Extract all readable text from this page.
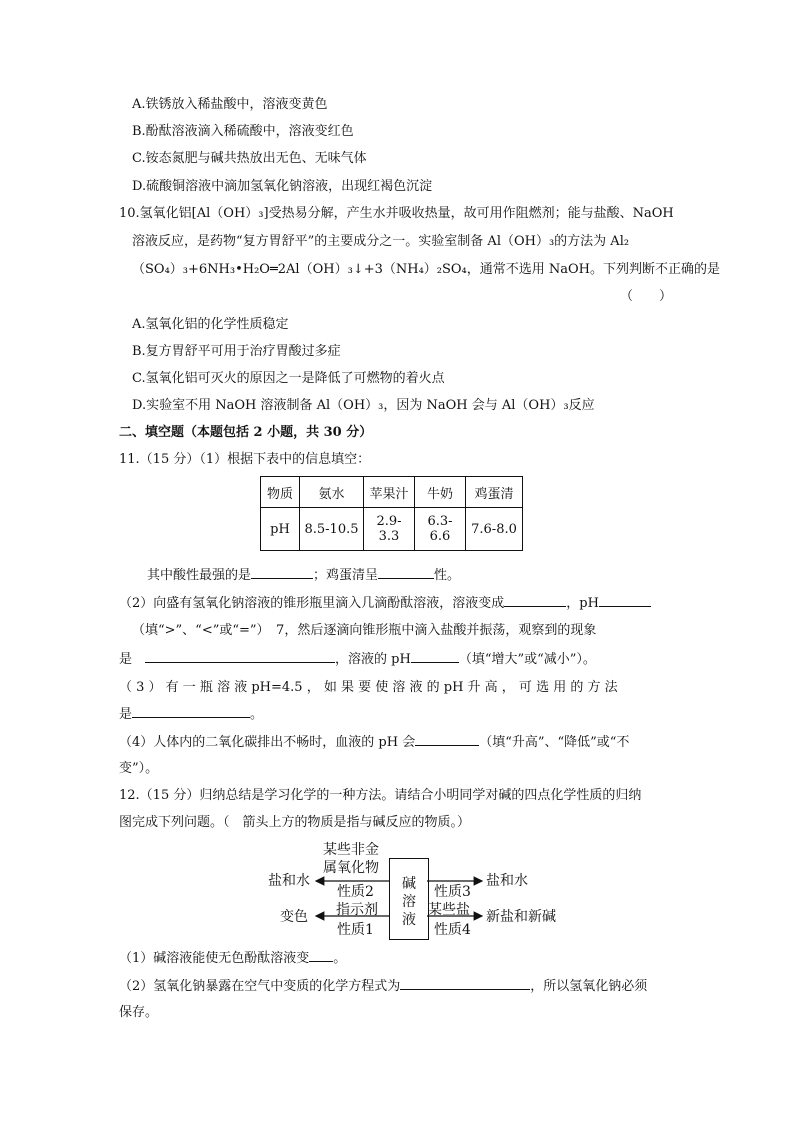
A.铁锈放入稀盐酸中，溶液变黄色
B.酚酞溶液滴入稀硫酸中，溶液变红色
C.铵态氮肥与碱共热放出无色、无味气体
D.硫酸铜溶液中滴加氢氧化钠溶液，出现红褐色沉淀
10.氢氧化铝[Al（OH）₃]受热易分解，产生水并吸收热量，故可用作阻燃剂；能与盐酸、NaOH
溶液反应，是药物“复方胃舒平”的主要成分之一。实验室制备 Al（OH）₃的方法为 Al₂
（SO₄）₃+6NH₃•H₂O═2Al（OH）₃↓+3（NH₄）₂SO₄，通常不选用 NaOH。下列判断不正确的是
（　　）
A.氢氧化铝的化学性质稳定
B.复方胃舒平可用于治疗胃酸过多症
C.氢氧化铝可灭火的原因之一是降低了可燃物的着火点
D.实验室不用 NaOH 溶液制备 Al（OH）₃，因为 NaOH 会与 Al（OH）₃反应
二、填空题（本题包括 2 小题，共 30 分）
11.（15 分）（1）根据下表中的信息填空：
物质	氨水	苹果汁	牛奶	鸡蛋清
pH	8.5-10.5	2.9-3.3	6.3-6.6	7.6-8.0
其中酸性最强的是	；鸡蛋清呈	性。
（2）向盛有氢氧化钠溶液的锥形瓶里滴入几滴酚酞溶液，溶液变成	，pH
（填“>”、“<”或“=”）　7，然后逐滴向锥形瓶中滴入盐酸并振荡，观察到的现象
是　	，溶液的 pH	（填“增大”或“减小”）。
（ 3 ） 有 一 瓶 溶 液 pH=4.5 ， 如 果 要 使 溶 液 的 pH 升 高 ， 可 选 用 的 方 法
是	。
（4）人体内的二氧化碳排出不畅时，血液的 pH 会	（填“升高”、“降低”或“不
变”）。
12.（15 分）归纳总结是学习化学的一种方法。请结合小明同学对碱的四点化学性质的归纳
图完成下列问题。（　箭头上方的物质是指与碱反应的物质。）
碱
溶
液
某些非金
属氧化物
盐和水
性质2
指示剂
变色
性质1
性质3
盐和水
某些盐 新盐和新碱
性质4
（1）碱溶液能使无色酚酞溶液变 。
（2）氢氧化钠暴露在空气中变质的化学方程式为	，所以氢氧化钠必须
保存。
